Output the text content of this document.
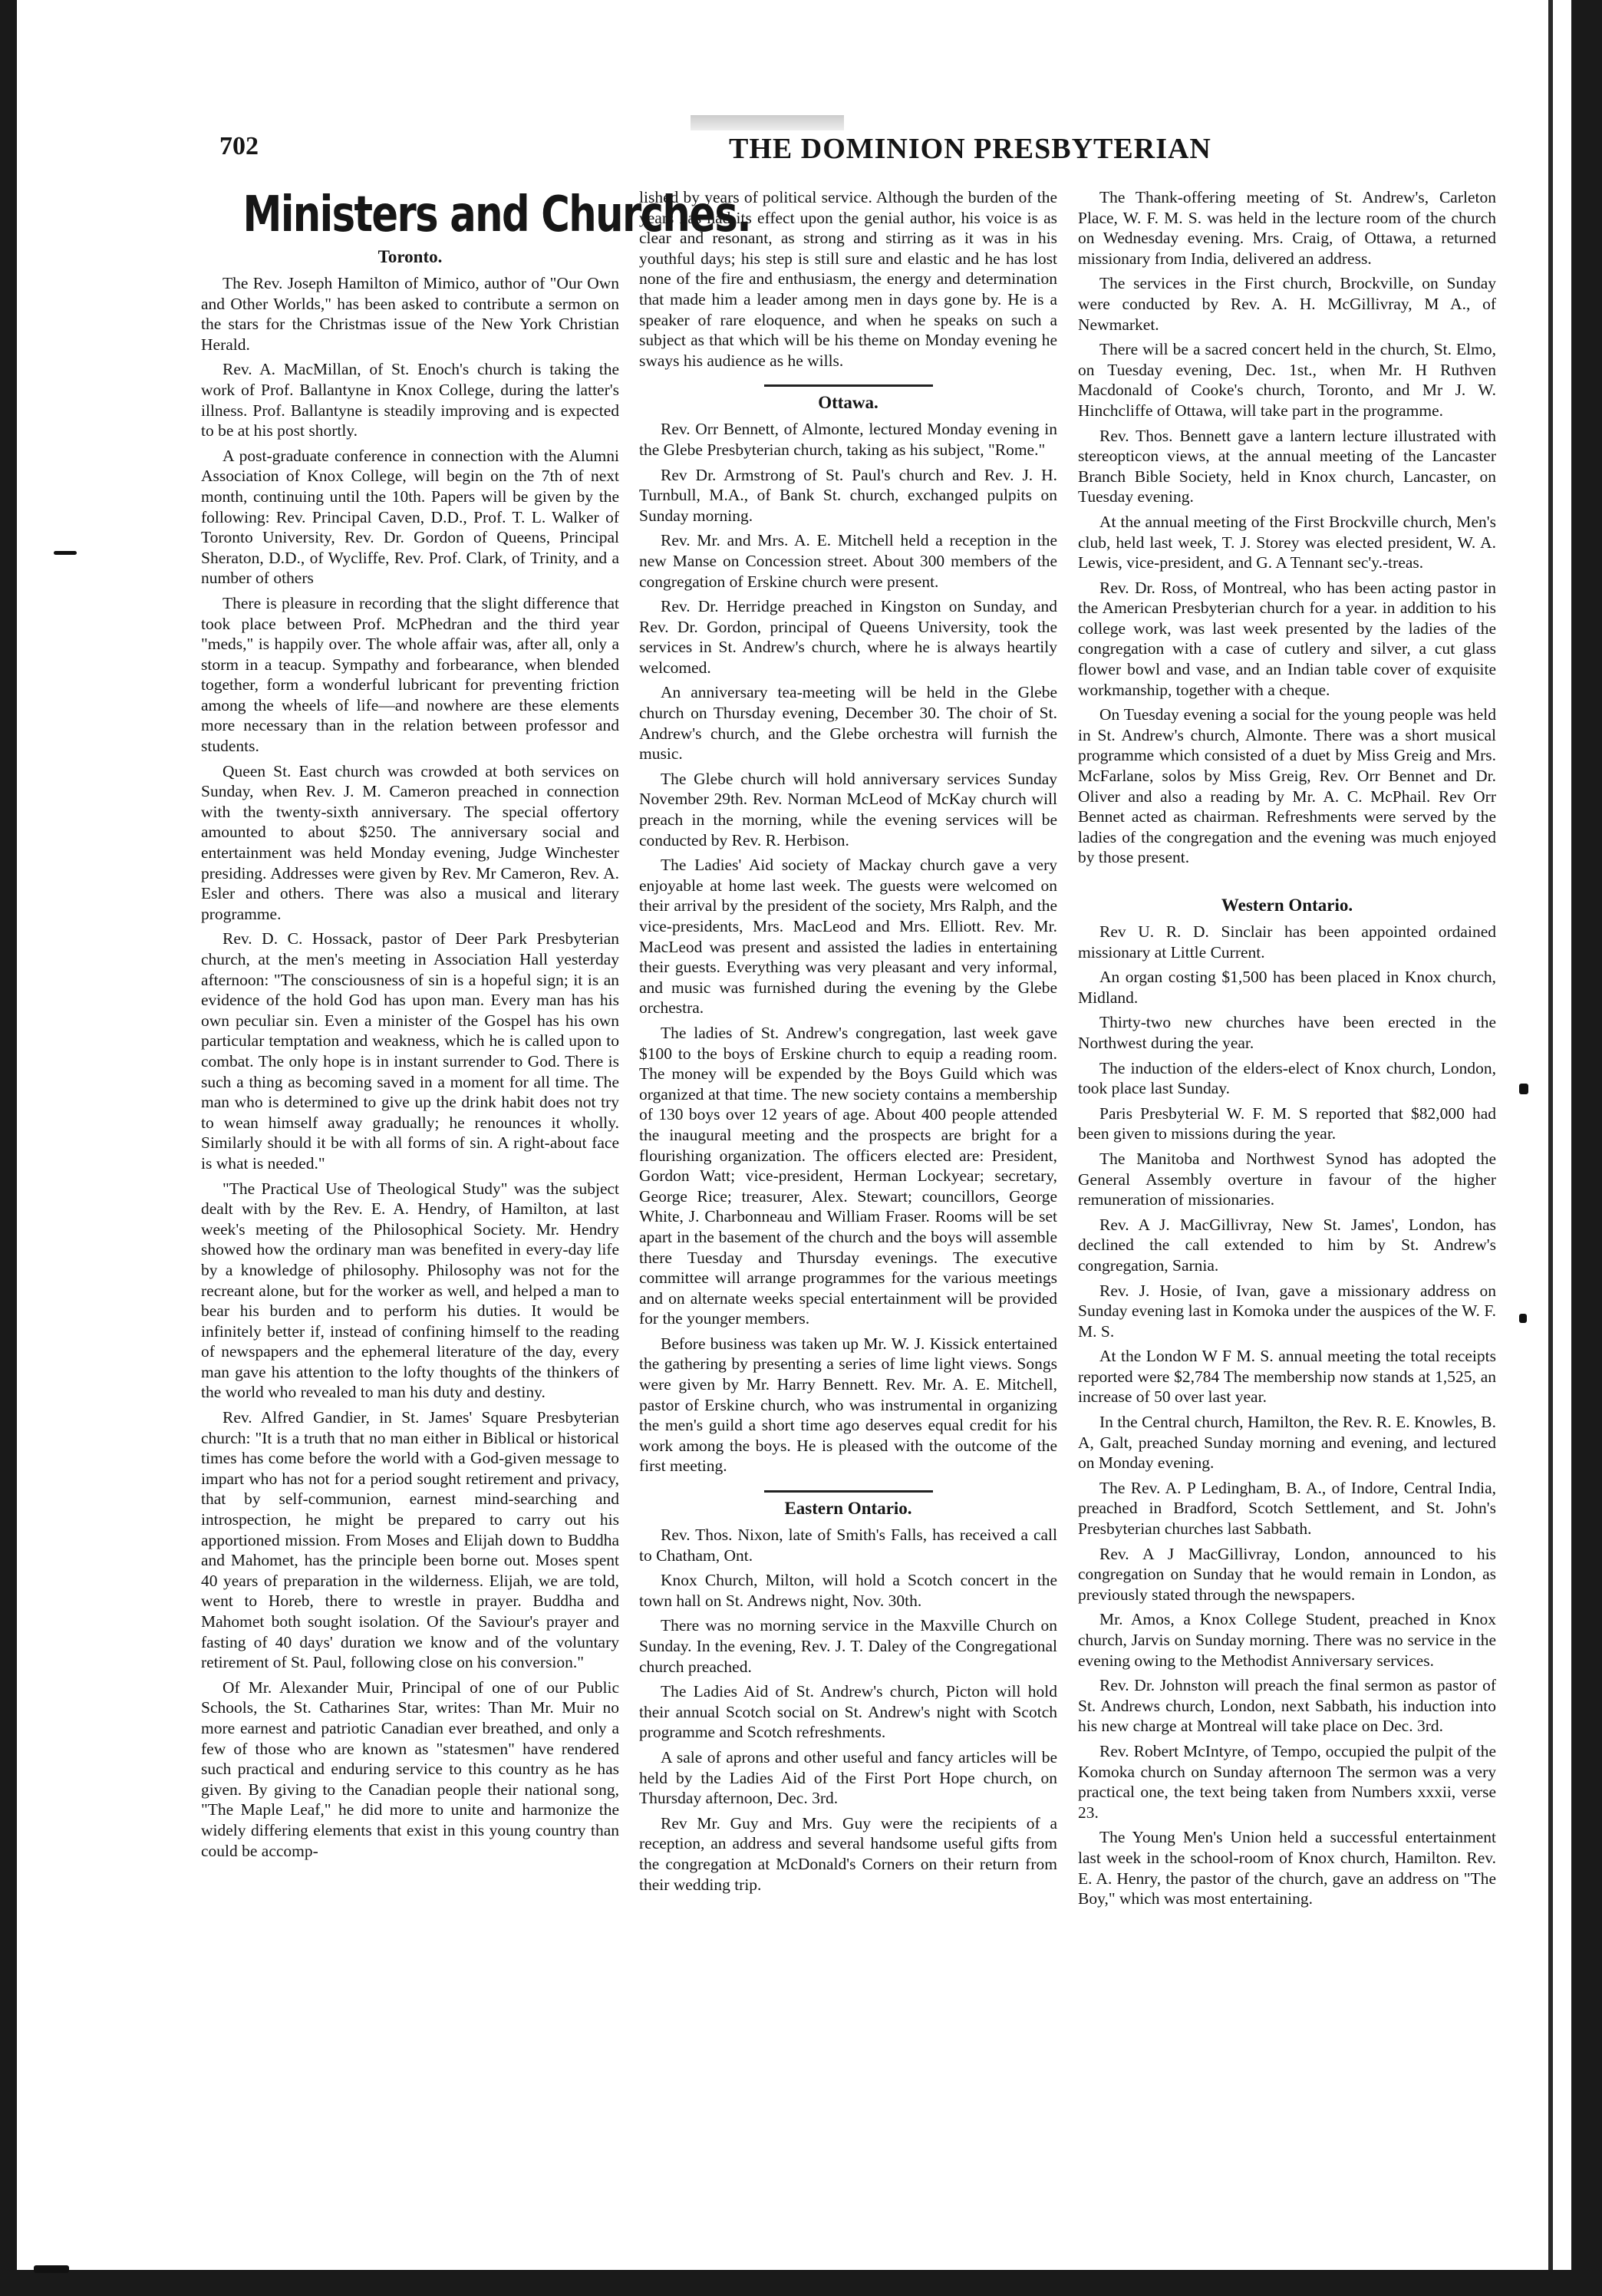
702	THE DOMINION PRESBYTERIAN
Ministers and Churches.
Toronto.

The Rev. Joseph Hamilton of Mimico, author of "Our Own and Other Worlds," has been asked to contribute a sermon on the stars for the Christmas issue of the New York Christian Herald.

Rev. A. MacMillan, of St. Enoch's church is taking the work of Prof. Ballantyne in Knox College, during the latter's illness. Prof. Ballantyne is steadily improving and is expected to be at his post shortly.

A post-graduate conference in connection with the Alumni Association of Knox College, will begin on the 7th of next month, continuing until the 10th. Papers will be given by the following: Rev. Principal Caven, D.D., Prof. T. L. Walker of Toronto University, Rev. Dr. Gordon of Queens, Principal Sheraton, D.D., of Wycliffe, Rev. Prof. Clark, of Trinity, and a number of others

There is pleasure in recording that the slight difference that took place between Prof. McPhedran and the third year "meds," is happily over. The whole affair was, after all, only a storm in a teacup. Sympathy and forbearance, when blended together, form a wonderful lubricant for preventing friction among the wheels of life—and nowhere are these elements more necessary than in the relation between professor and students.

Queen St. East church was crowded at both services on Sunday, when Rev. J. M. Cameron preached in connection with the twenty-sixth anniversary. The special offertory amounted to about $250. The anniversary social and entertainment was held Monday evening, Judge Winchester presiding. Addresses were given by Rev. Mr Cameron, Rev. A. Esler and others. There was also a musical and literary programme.

Rev. D. C. Hossack, pastor of Deer Park Presbyterian church, at the men's meeting in Association Hall yesterday afternoon: "The consciousness of sin is a hopeful sign; it is an evidence of the hold God has upon man. Every man has his own peculiar sin. Even a minister of the Gospel has his own particular temptation and weakness, which he is called upon to combat. The only hope is in instant surrender to God. There is such a thing as becoming saved in a moment for all time. The man who is determined to give up the drink habit does not try to wean himself away gradually; he renounces it wholly. Similarly should it be with all forms of sin. A right-about face is what is needed."

"The Practical Use of Theological Study" was the subject dealt with by the Rev. E. A. Hendry, of Hamilton, at last week's meeting of the Philosophical Society. Mr. Hendry showed how the ordinary man was benefited in every-day life by a knowledge of philosophy. Philosophy was not for the recreant alone, but for the worker as well, and helped a man to bear his burden and to perform his duties. It would be infinitely better if, instead of confining himself to the reading of newspapers and the ephemeral literature of the day, every man gave his attention to the lofty thoughts of the thinkers of the world who revealed to man his duty and destiny.

Rev. Alfred Gandier, in St. James' Square Presbyterian church: "It is a truth that no man either in Biblical or historical times has come before the world with a God-given message to impart who has not for a period sought retirement and privacy, that by self-communion, earnest mind-searching and introspection, he might be prepared to carry out his apportioned mission. From Moses and Elijah down to Buddha and Mahomet, has the principle been borne out. Moses spent 40 years of preparation in the wilderness. Elijah, we are told, went to Horeb, there to wrestle in prayer. Buddha and Mahomet both sought isolation. Of the Saviour's prayer and fasting of 40 days' duration we know and of the voluntary retirement of St. Paul, following close on his conversion."

Of Mr. Alexander Muir, Principal of one of our Public Schools, the St. Catharines Star, writes: Than Mr. Muir no more earnest and patriotic Canadian ever breathed, and only a few of those who are known as "statesmen" have rendered such practical and enduring service to this country as he has given. By giving to the Canadian people their national song, "The Maple Leaf," he did more to unite and harmonize the widely differing elements that exist in this young country than could be accomp-

lished by years of political service. Although the burden of the years has had its effect upon the genial author, his voice is as clear and resonant, as strong and stirring as it was in his youthful days; his step is still sure and elastic and he has lost none of the fire and enthusiasm, the energy and determination that made him a leader among men in days gone by. He is a speaker of rare eloquence, and when he speaks on such a subject as that which will be his theme on Monday evening he sways his audience as he wills.

Ottawa.

Rev. Orr Bennett, of Almonte, lectured Monday evening in the Glebe Presbyterian church, taking as his subject, "Rome."

Rev Dr. Armstrong of St. Paul's church and Rev. J. H. Turnbull, M.A., of Bank St. church, exchanged pulpits on Sunday morning.

Rev. Mr. and Mrs. A. E. Mitchell held a reception in the new Manse on Concession street. About 300 members of the congregation of Erskine church were present.

Rev. Dr. Herridge preached in Kingston on Sunday, and Rev. Dr. Gordon, principal of Queens University, took the services in St. Andrew's church, where he is always heartily welcomed.

An anniversary tea-meeting will be held in the Glebe church on Thursday evening, December 30. The choir of St. Andrew's church, and the Glebe orchestra will furnish the music.

The Glebe church will hold anniversary services Sunday November 29th. Rev. Norman McLeod of McKay church will preach in the morning, while the evening services will be conducted by Rev. R. Herbison.

The Ladies' Aid society of Mackay church gave a very enjoyable at home last week. The guests were welcomed on their arrival by the president of the society, Mrs Ralph, and the vice-presidents, Mrs. MacLeod and Mrs. Elliott. Rev. Mr. MacLeod was present and assisted the ladies in entertaining their guests. Everything was very pleasant and very informal, and music was furnished during the evening by the Glebe orchestra.

The ladies of St. Andrew's congregation, last week gave $100 to the boys of Erskine church to equip a reading room. The money will be expended by the Boys Guild which was organized at that time. The new society contains a membership of 130 boys over 12 years of age. About 400 people attended the inaugural meeting and the prospects are bright for a flourishing organization. The officers elected are: President, Gordon Watt; vice-president, Herman Lockyear; secretary, George Rice; treasurer, Alex. Stewart; councillors, George White, J. Charbonneau and William Fraser. Rooms will be set apart in the basement of the church and the boys will assemble there Tuesday and Thursday evenings. The executive committee will arrange programmes for the various meetings and on alternate weeks special entertainment will be provided for the younger members.

Before business was taken up Mr. W. J. Kissick entertained the gathering by presenting a series of lime light views. Songs were given by Mr. Harry Bennett. Rev. Mr. A. E. Mitchell, pastor of Erskine church, who was instrumental in organizing the men's guild a short time ago deserves equal credit for his work among the boys. He is pleased with the outcome of the first meeting.

Eastern Ontario.

Rev. Thos. Nixon, late of Smith's Falls, has received a call to Chatham, Ont.

Knox Church, Milton, will hold a Scotch concert in the town hall on St. Andrews night, Nov. 30th.

There was no morning service in the Maxville Church on Sunday. In the evening, Rev. J. T. Daley of the Congregational church preached.

The Ladies Aid of St. Andrew's church, Picton will hold their annual Scotch social on St. Andrew's night with Scotch programme and Scotch refreshments.

A sale of aprons and other useful and fancy articles will be held by the Ladies Aid of the First Port Hope church, on Thursday afternoon, Dec. 3rd.

Rev Mr. Guy and Mrs. Guy were the recipients of a reception, an address and several handsome useful gifts from the congregation at McDonald's Corners on their return from their wedding trip.

The Thank-offering meeting of St. Andrew's, Carleton Place, W. F. M. S. was held in the lecture room of the church on Wednesday evening. Mrs. Craig, of Ottawa, a returned missionary from India, delivered an address.

The services in the First church, Brockville, on Sunday were conducted by Rev. A. H. McGillivray, M A., of Newmarket.

There will be a sacred concert held in the church, St. Elmo, on Tuesday evening, Dec. 1st., when Mr. H Ruthven Macdonald of Cooke's church, Toronto, and Mr J. W. Hinchcliffe of Ottawa, will take part in the programme.

Rev. Thos. Bennett gave a lantern lecture illustrated with stereopticon views, at the annual meeting of the Lancaster Branch Bible Society, held in Knox church, Lancaster, on Tuesday evening.

At the annual meeting of the First Brockville church, Men's club, held last week, T. J. Storey was elected president, W. A. Lewis, vice-president, and G. A Tennant sec'y.-treas.

Rev. Dr. Ross, of Montreal, who has been acting pastor in the American Presbyterian church for a year. in addition to his college work, was last week presented by the ladies of the congregation with a case of cutlery and silver, a cut glass flower bowl and vase, and an Indian table cover of exquisite workmanship, together with a cheque.

On Tuesday evening a social for the young people was held in St. Andrew's church, Almonte. There was a short musical programme which consisted of a duet by Miss Greig and Mrs. McFarlane, solos by Miss Greig, Rev. Orr Bennet and Dr. Oliver and also a reading by Mr. A. C. McPhail. Rev Orr Bennet acted as chairman. Refreshments were served by the ladies of the congregation and the evening was much enjoyed by those present.

Western Ontario.

Rev U. R. D. Sinclair has been appointed ordained missionary at Little Current.

An organ costing $1,500 has been placed in Knox church, Midland.

Thirty-two new churches have been erected in the Northwest during the year.

The induction of the elders-elect of Knox church, London, took place last Sunday.

Paris Presbyterial W. F. M. S reported that $82,000 had been given to missions during the year.

The Manitoba and Northwest Synod has adopted the General Assembly overture in favour of the higher remuneration of missionaries.

Rev. A J. MacGillivray, New St. James', London, has declined the call extended to him by St. Andrew's congregation, Sarnia.

Rev. J. Hosie, of Ivan, gave a missionary address on Sunday evening last in Komoka under the auspices of the W. F. M. S.

At the London W F M. S. annual meeting the total receipts reported were $2,784 The membership now stands at 1,525, an increase of 50 over last year.

In the Central church, Hamilton, the Rev. R. E. Knowles, B. A, Galt, preached Sunday morning and evening, and lectured on Monday evening.

The Rev. A. P Ledingham, B. A., of Indore, Central India, preached in Bradford, Scotch Settlement, and St. John's Presbyterian churches last Sabbath.

Rev. A J MacGillivray, London, announced to his congregation on Sunday that he would remain in London, as previously stated through the newspapers.

Mr. Amos, a Knox College Student, preached in Knox church, Jarvis on Sunday morning. There was no service in the evening owing to the Methodist Anniversary services.

Rev. Dr. Johnston will preach the final sermon as pastor of St. Andrews church, London, next Sabbath, his induction into his new charge at Montreal will take place on Dec. 3rd.

Rev. Robert McIntyre, of Tempo, occupied the pulpit of the Komoka church on Sunday afternoon The sermon was a very practical one, the text being taken from Numbers xxxii, verse 23.

The Young Men's Union held a successful entertainment last week in the school-room of Knox church, Hamilton. Rev. E. A. Henry, the pastor of the church, gave an address on "The Boy," which was most entertaining.
